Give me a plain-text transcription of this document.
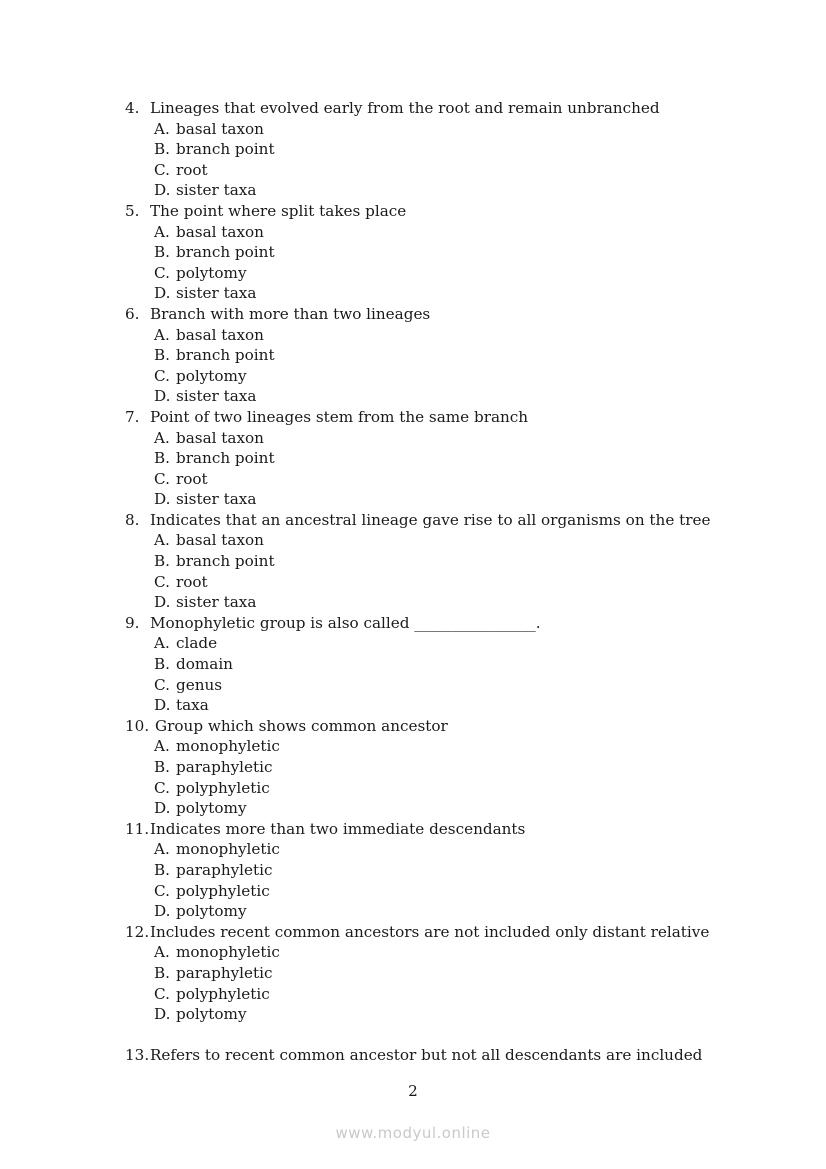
4. Lineages that evolved early from the root and remain unbranched
A. basal taxon
B. branch point
C. root
D. sister taxa
5. The point where split takes place
A. basal taxon
B. branch point
C. polytomy
D. sister taxa
6. Branch with more than two lineages
A. basal taxon
B. branch point
C. polytomy
D. sister taxa
7. Point of two lineages stem from the same branch
A. basal taxon
B. branch point
C. root
D. sister taxa
8. Indicates that an ancestral lineage gave rise to all organisms on the tree
A. basal taxon
B. branch point
C. root
D. sister taxa
9. Monophyletic group is also called ________________.
A. clade
B. domain
C. genus
D. taxa
10. Group which shows common ancestor
A. monophyletic
B. paraphyletic
C. polyphyletic
D. polytomy
11. Indicates more than two immediate descendants
A. monophyletic
B. paraphyletic
C. polyphyletic
D. polytomy
12. Includes recent common ancestors are not included only distant relative
A. monophyletic
B. paraphyletic
C. polyphyletic
D. polytomy
13. Refers to recent common ancestor but not all descendants are included
2
www.modyul.online
